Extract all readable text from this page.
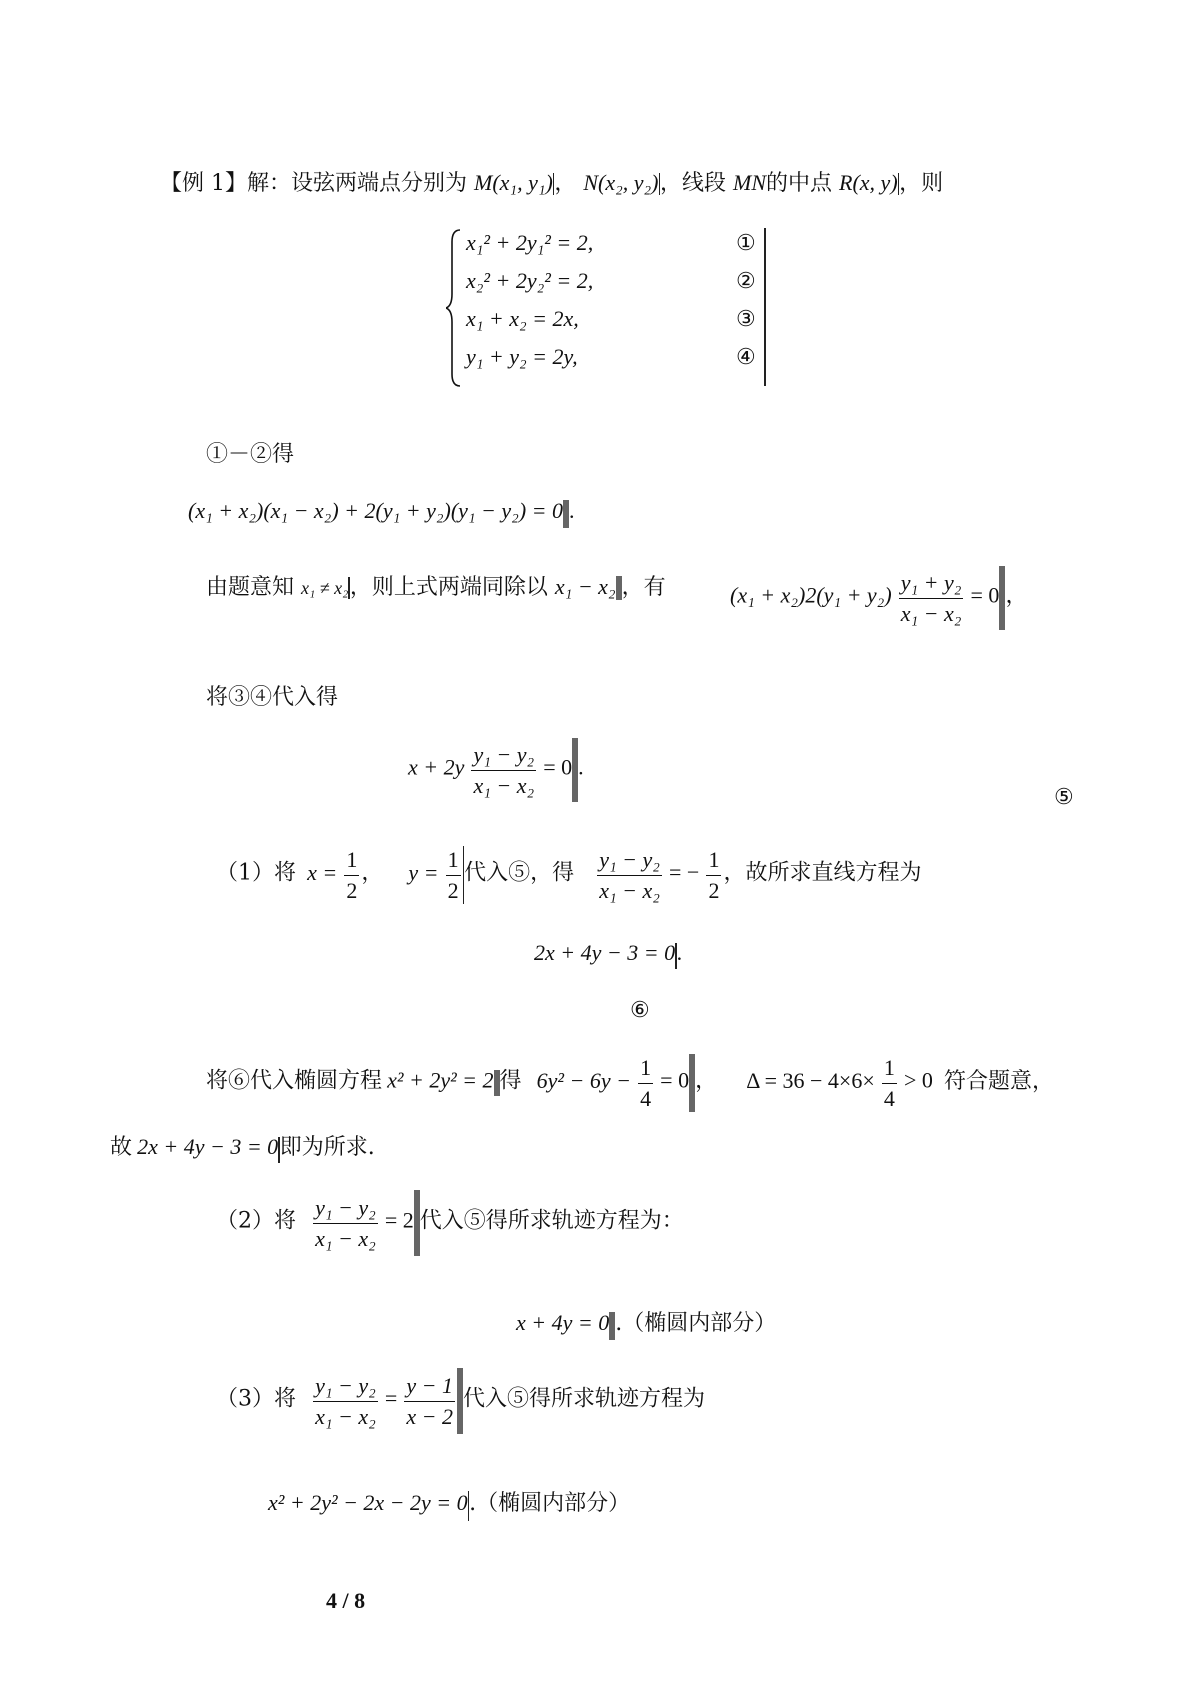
【例 1】解：设弦两端点分别为 M(x₁, y₁)， N(x₂, y₂)，线段 MN的中点 R(x, y)，则
x₁² + 2y₁² = 2,
x₂² + 2y₂² = 2,
x₁ + x₂ = 2x,
y₁ + y₂ = 2y,
①
②
③
④
①－②得
(x₁ + x₂)(x₁ − x₂) + 2(y₁ + y₂)(y₁ − y₂) = 0 .
由题意知 x₁ ≠ x₂，则上式两端同除以 x₁ − x₂ ，有	$(x_1 + x_2)2(y_1 + y_2) \frac{\text{y₁ + y₂}}{\text{x₁ − x₂}} = 0$ ，
将③④代入得
$x + 2y \frac{\text{y₁ − y₂}}{\text{x₁ − x₂}} = 0$ .
⑤
（1）将 $x = \frac{1}{2}$ ， $y = \frac{1}{2}$ 代入⑤，得 $\frac{\text{y₁ − y₂}}{\text{x₁ − x₂}}$ = − $\frac{1}{2}$ ，故所求直线方程为
2x + 4y − 3 = 0.
⑥
将⑥代入椭圆方程 x² + 2y² = 2 得 $6y^2 - 6y - \frac{1}{4} = 0$ ， $\Delta = 36 - 4\times 6\times \frac{1}{4} > 0$ 符合题意，
故 2x + 4y − 3 = 0即为所求.
（2）将 $\frac{\text{y₁ − y₂}}{\text{x₁ − x₂}} = 2$ 代入⑤得所求轨迹方程为：
x + 4y = 0 .（椭圆内部分）
（3）将 $\frac{\text{y₁ − y₂}}{\text{x₁ − x₂}} = \frac{y - 1}{x - 2}$ 代入⑤得所求轨迹方程为
x² + 2y² − 2x − 2y = 0.（椭圆内部分）
4 / 8
